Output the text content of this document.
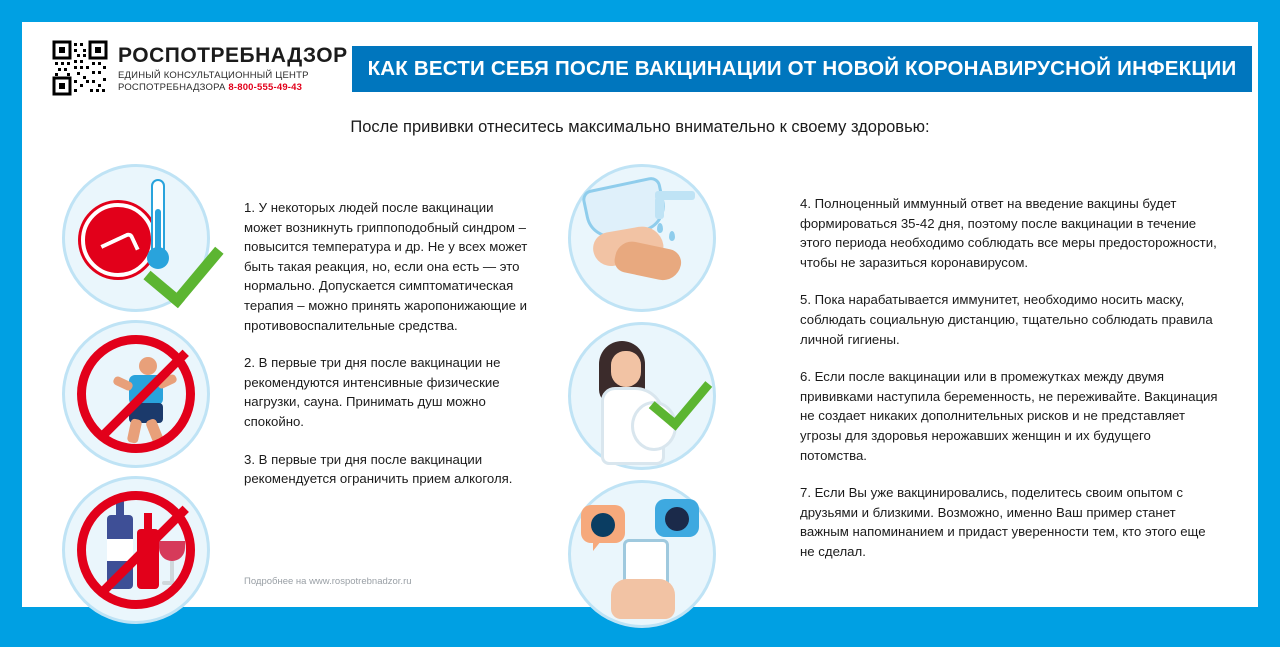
РОСПОТРЕБНАДЗОР
ЕДИНЫЙ КОНСУЛЬТАЦИОННЫЙ ЦЕНТР
РОСПОТРЕБНАДЗОРА 8-800-555-49-43
КАК ВЕСТИ СЕБЯ ПОСЛЕ ВАКЦИНАЦИИ ОТ НОВОЙ КОРОНАВИРУСНОЙ ИНФЕКЦИИ
После прививки отнеситесь максимально внимательно к своему здоровью:

1. У некоторых людей после вакцинации может возникнуть гриппоподобный синдром – повысится температура и др. Не у всех может быть такая реакция, но, если она есть — это нормально. Допускается симптоматическая терапия – можно принять жаропонижающие и противовоспалительные средства.

2. В первые три дня после вакцинации не рекомендуются интенсивные физические нагрузки, сауна. Принимать душ можно спокойно.

3. В первые три дня после вакцинации рекомендуется ограничить прием алкоголя.

Подробнее на www.rospotrebnadzor.ru

4. Полноценный иммунный ответ на введение вакцины будет формироваться 35-42 дня, поэтому после вакцинации в течение этого периода необходимо соблюдать все меры предосторожности, чтобы не заразиться коронавирусом.

5. Пока нарабатывается иммунитет, необходимо носить маску, соблюдать социальную дистанцию, тщательно соблюдать правила личной гигиены.

6. Если после вакцинации или в промежутках между двумя прививками наступила беременность, не переживайте. Вакцинация не создает никаких дополнительных рисков и не представляет угрозы для здоровья нерожавших женщин и их будущего потомства.

7. Если Вы уже вакцинировались, поделитесь своим опытом с друзьями и близкими. Возможно, именно Ваш пример станет важным напоминанием и придаст уверенности тем, кто этого еще не сделал.
